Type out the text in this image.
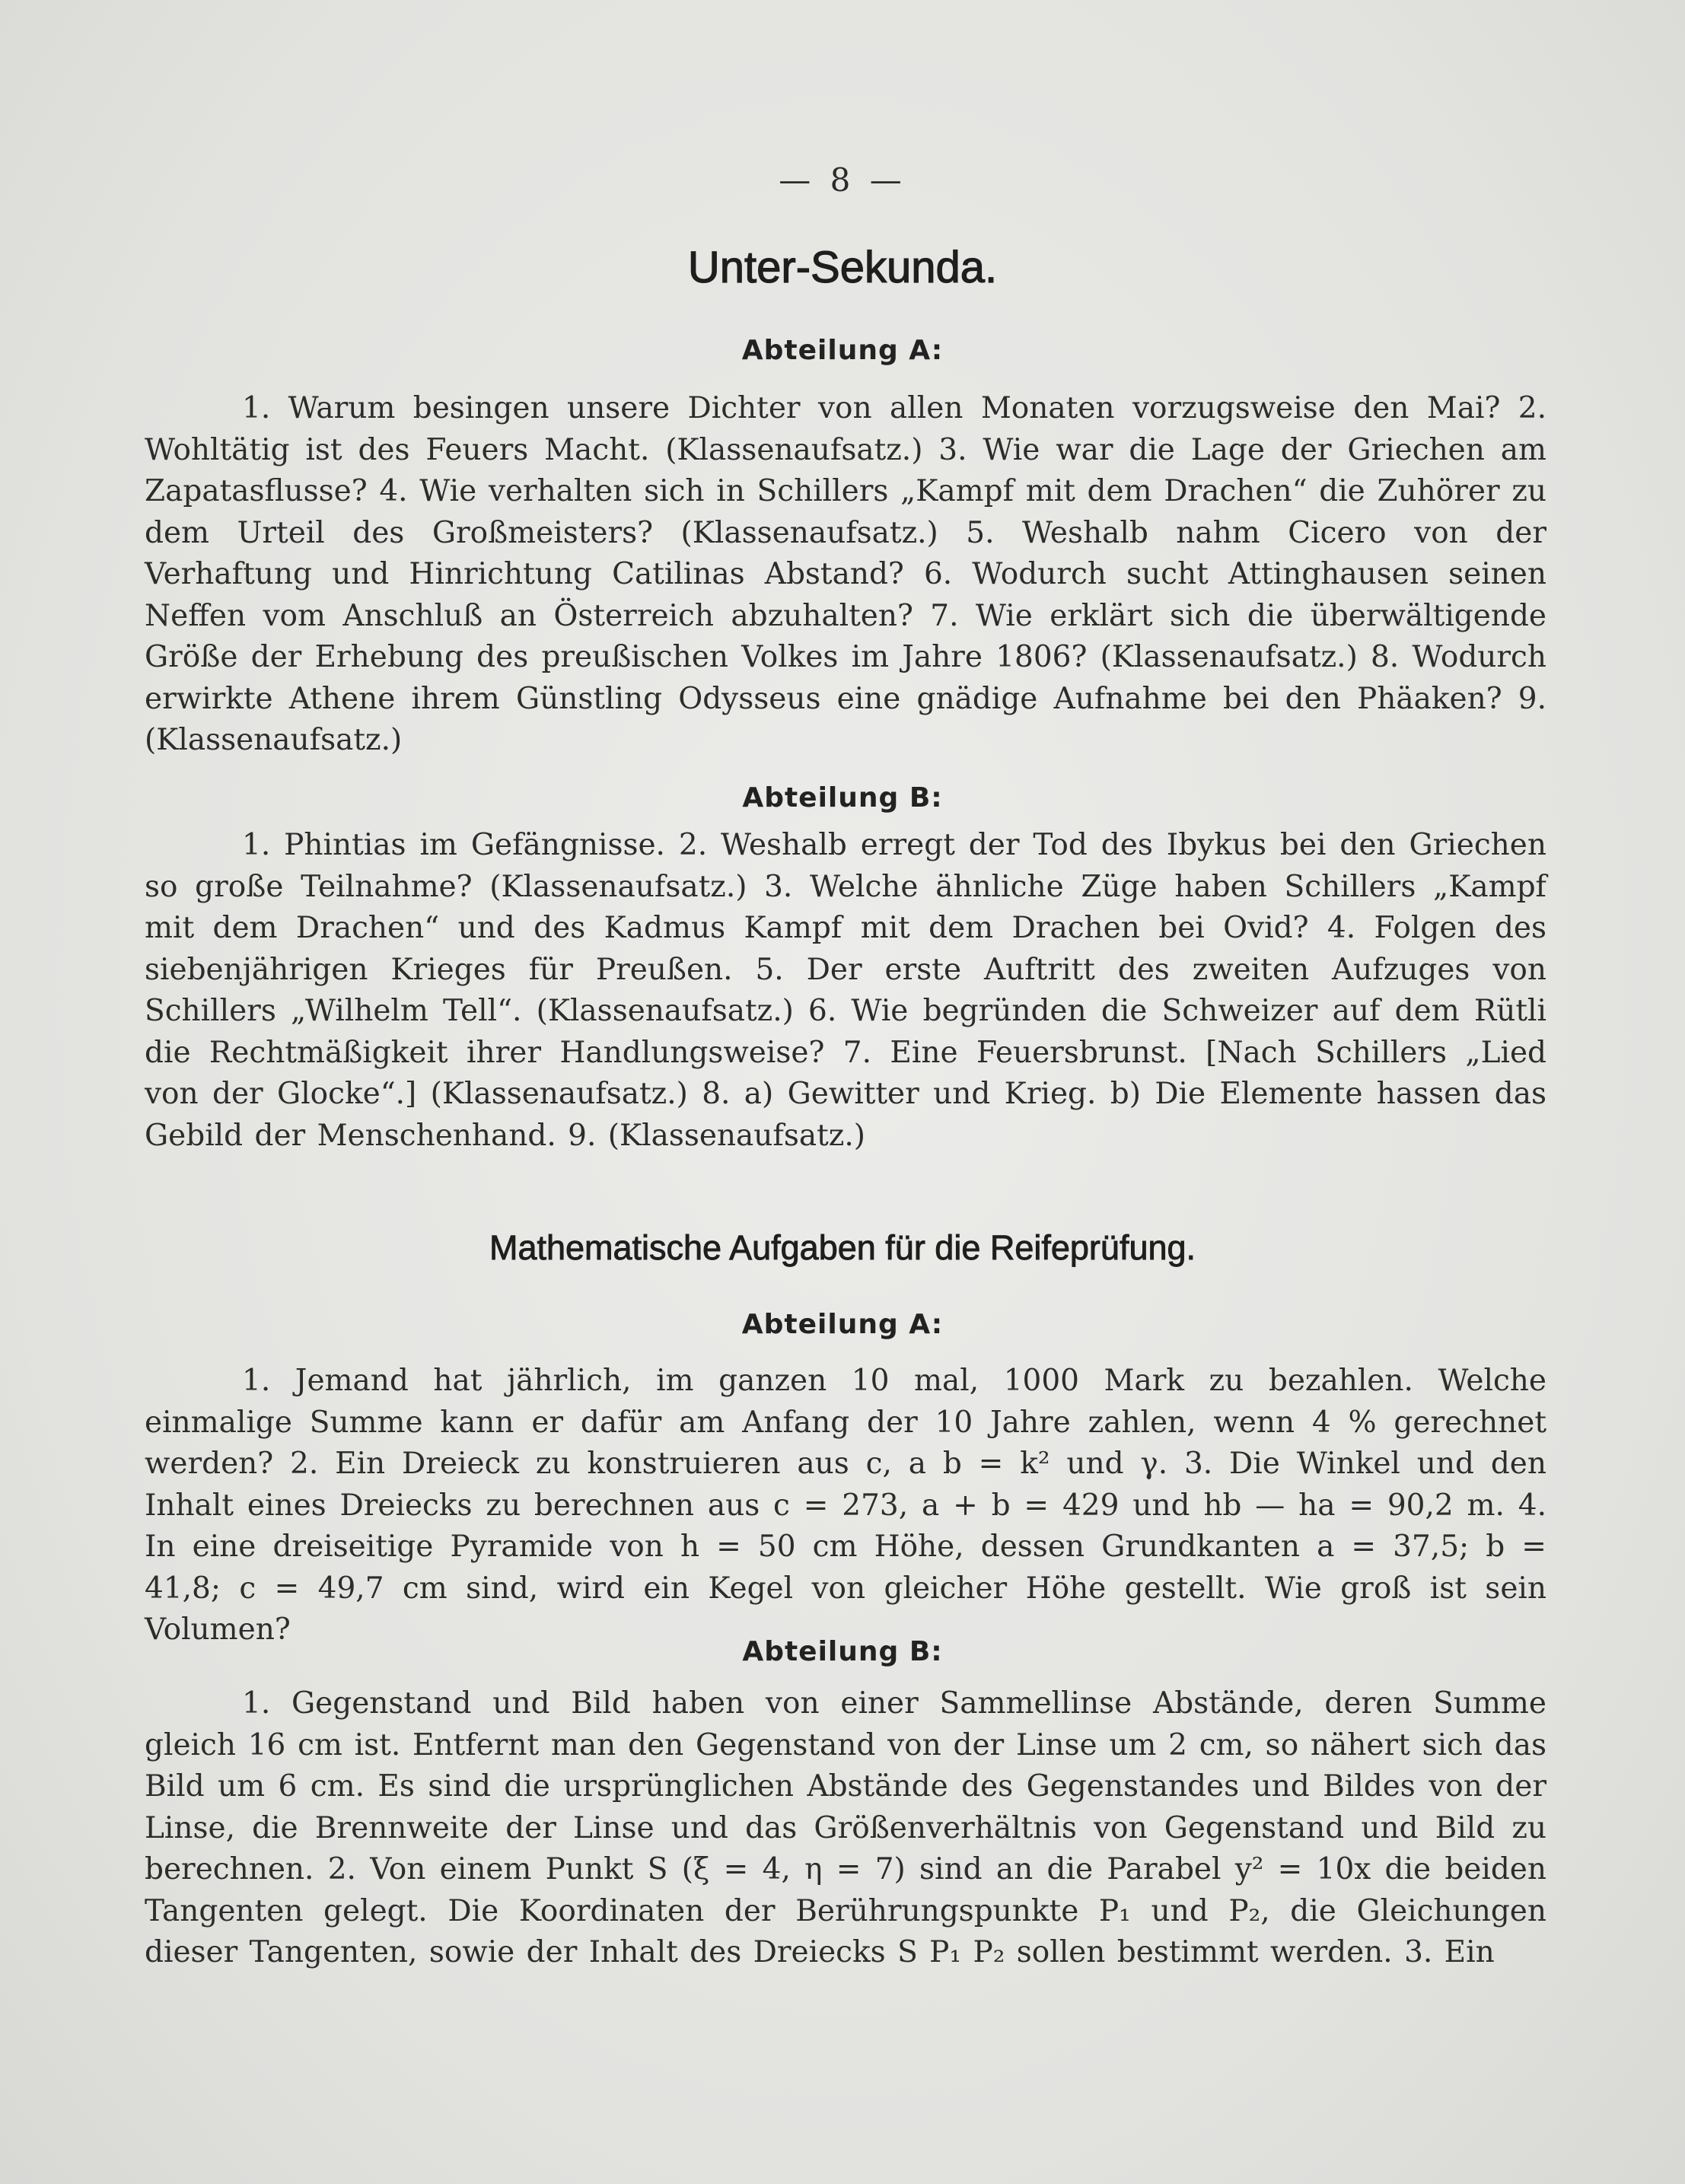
— 8 —
Unter-Sekunda.
Abteilung A:
1. Warum besingen unsere Dichter von allen Monaten vorzugsweise den Mai? 2. Wohltätig ist des Feuers Macht. (Klassenaufsatz.) 3. Wie war die Lage der Griechen am Zapatasflusse? 4. Wie verhalten sich in Schillers „Kampf mit dem Drachen“ die Zuhörer zu dem Urteil des Großmeisters? (Klassenaufsatz.) 5. Weshalb nahm Cicero von der Verhaftung und Hinrichtung Catilinas Abstand? 6. Wodurch sucht Attinghausen seinen Neffen vom Anschluß an Österreich abzuhalten? 7. Wie erklärt sich die überwältigende Größe der Erhebung des preußischen Volkes im Jahre 1806? (Klassenaufsatz.) 8. Wodurch erwirkte Athene ihrem Günstling Odysseus eine gnädige Aufnahme bei den Phäaken? 9. (Klassenaufsatz.)
Abteilung B:
1. Phintias im Gefängnisse. 2. Weshalb erregt der Tod des Ibykus bei den Griechen so große Teilnahme? (Klassenaufsatz.) 3. Welche ähnliche Züge haben Schillers „Kampf mit dem Drachen“ und des Kadmus Kampf mit dem Drachen bei Ovid? 4. Folgen des siebenjährigen Krieges für Preußen. 5. Der erste Auftritt des zweiten Aufzuges von Schillers „Wilhelm Tell“. (Klassenaufsatz.) 6. Wie begründen die Schweizer auf dem Rütli die Rechtmäßigkeit ihrer Handlungsweise? 7. Eine Feuersbrunst. [Nach Schillers „Lied von der Glocke“.] (Klassenaufsatz.) 8. a) Gewitter und Krieg. b) Die Elemente hassen das Gebild der Menschenhand. 9. (Klassenaufsatz.)
Mathematische Aufgaben für die Reifeprüfung.
Abteilung A:
1. Jemand hat jährlich, im ganzen 10 mal, 1000 Mark zu bezahlen. Welche einmalige Summe kann er dafür am Anfang der 10 Jahre zahlen, wenn 4 % gerechnet werden? 2. Ein Dreieck zu konstruieren aus c, a b = k² und γ. 3. Die Winkel und den Inhalt eines Dreiecks zu berechnen aus c = 273, a + b = 429 und hb — ha = 90,2 m. 4. In eine dreiseitige Pyramide von h = 50 cm Höhe, dessen Grundkanten a = 37,5; b = 41,8; c = 49,7 cm sind, wird ein Kegel von gleicher Höhe gestellt. Wie groß ist sein Volumen?
Abteilung B:
1. Gegenstand und Bild haben von einer Sammellinse Abstände, deren Summe gleich 16 cm ist. Entfernt man den Gegenstand von der Linse um 2 cm, so nähert sich das Bild um 6 cm. Es sind die ursprünglichen Abstände des Gegenstandes und Bildes von der Linse, die Brennweite der Linse und das Größenverhältnis von Gegenstand und Bild zu berechnen. 2. Von einem Punkt S (ξ = 4, η = 7) sind an die Parabel y² = 10x die beiden Tangenten gelegt. Die Koordinaten der Berührungspunkte P₁ und P₂, die Gleichungen dieser Tangenten, sowie der Inhalt des Dreiecks S P₁ P₂ sollen bestimmt werden. 3. Ein
